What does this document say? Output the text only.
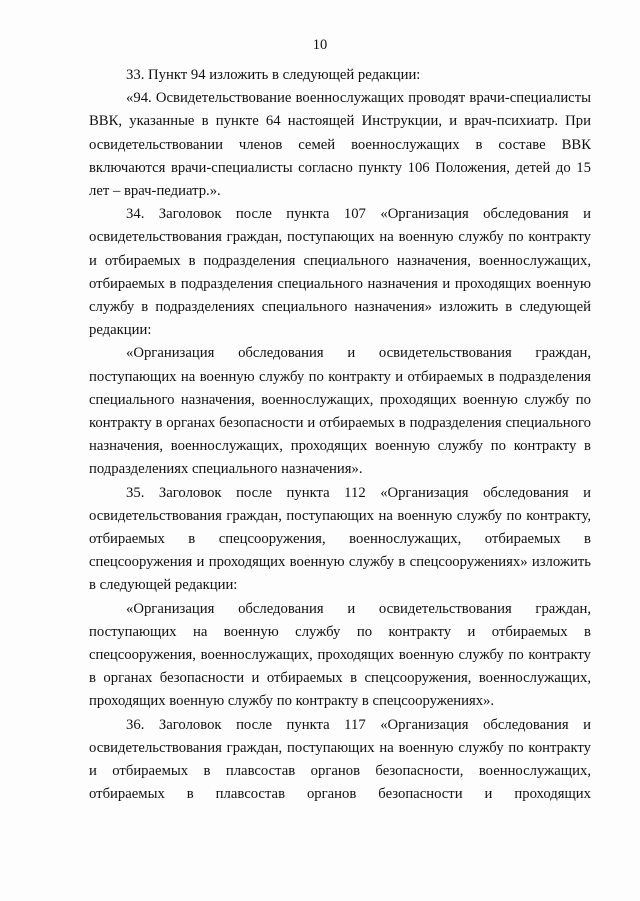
10

33. Пункт 94 изложить в следующей редакции:

«94. Освидетельствование военнослужащих проводят врачи-специалисты ВВК, указанные в пункте 64 настоящей Инструкции, и врач-психиатр. При освидетельствовании членов семей военнослужащих в составе ВВК включаются врачи-специалисты согласно пункту 106 Положения, детей до 15 лет – врач-педиатр.».

34. Заголовок после пункта 107 «Организация обследования и освидетельствования граждан, поступающих на военную службу по контракту и отбираемых в подразделения специального назначения, военнослужащих, отбираемых в подразделения специального назначения и проходящих военную службу в подразделениях специального назначения» изложить в следующей редакции:

«Организация обследования и освидетельствования граждан, поступающих на военную службу по контракту и отбираемых в подразделения специального назначения, военнослужащих, проходящих военную службу по контракту в органах безопасности и отбираемых в подразделения специального назначения, военнослужащих, проходящих военную службу по контракту в подразделениях специального назначения».

35. Заголовок после пункта 112 «Организация обследования и освидетельствования граждан, поступающих на военную службу по контракту, отбираемых в спецсооружения, военнослужащих, отбираемых в спецсооружения и проходящих военную службу в спецсооружениях» изложить в следующей редакции:

«Организация обследования и освидетельствования граждан, поступающих на военную службу по контракту и отбираемых в спецсооружения, военнослужащих, проходящих военную службу по контракту в органах безопасности и отбираемых в спецсооружения, военнослужащих, проходящих военную службу по контракту в спецсооружениях».

36. Заголовок после пункта 117 «Организация обследования и освидетельствования граждан, поступающих на военную службу по контракту и отбираемых в плавсостав органов безопасности, военнослужащих, отбираемых в плавсостав органов безопасности и проходящих
